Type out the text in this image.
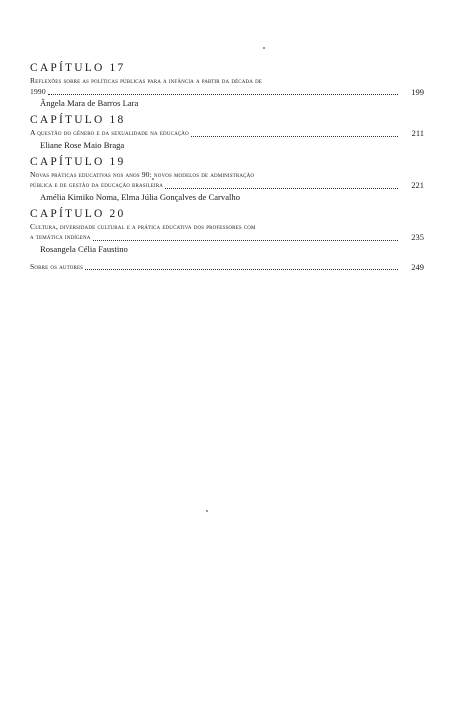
CAPÍTULO 17
Reflexões sobre as políticas públicas para a infância a partir da década de
1990	199
Ângela Mara de Barros Lara
CAPÍTULO 18
A questão do gênero e da sexualidade na educação	211
Eliane Rose Maio Braga
CAPÍTULO 19
Novas práticas educativas nos anos 90: novos modelos de administração
pública e de gestão da educação brasileira	221
Amélia Kimiko Noma, Elma Júlia Gonçalves de Carvalho
CAPÍTULO 20
Cultura, diversidade cultural e a prática educativa dos professores com
a temática indígena	235
Rosangela Célia Faustino
Sobre os autores	249
